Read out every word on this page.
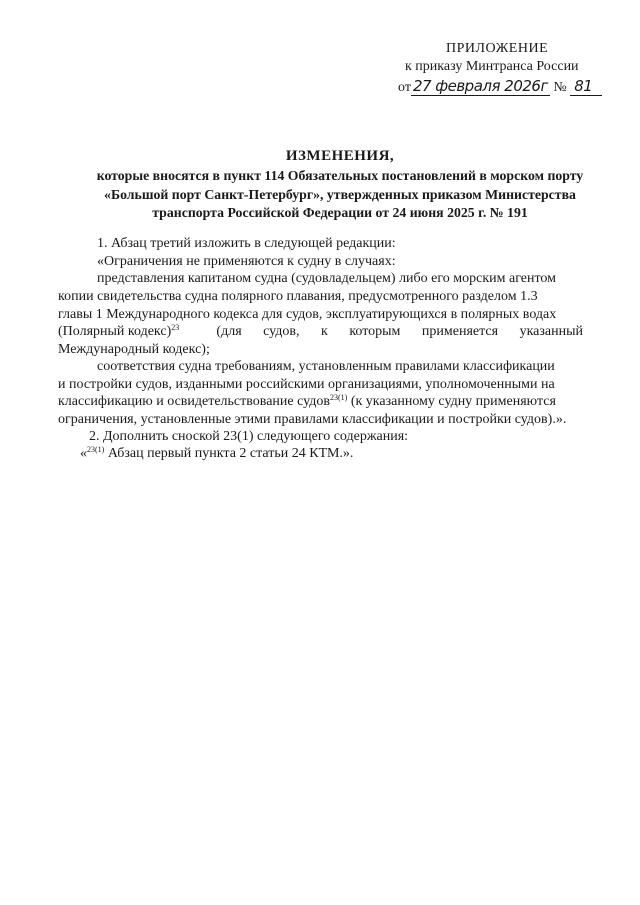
ПРИЛОЖЕНИЕ
к приказу Минтранса России
от 27 февраля 2026г № 81
ИЗМЕНЕНИЯ,
которые вносятся в пункт 114 Обязательных постановлений в морском порту
«Большой порт Санкт-Петербург», утвержденных приказом Министерства
транспорта Российской Федерации от 24 июня 2025 г. № 191
1. Абзац третий изложить в следующей редакции:
«Ограничения не применяются к судну в случаях:
представления капитаном судна (судовладельцем) либо его морским агентом
копии свидетельства судна полярного плавания, предусмотренного разделом 1.3
главы 1 Международного кодекса для судов, эксплуатирующихся в полярных водах
(Полярный кодекс)$^{23}$	(для судов, к которым применяется указанный
Международный кодекс);
соответствия судна требованиям, установленным правилами классификации
и постройки судов, изданными российскими организациями, уполномоченными на
классификацию и освидетельствование судов$^{23(1)}$ (к указанному судну применяются
ограничения, установленные этими правилами классификации и постройки судов).».
2. Дополнить сноской 23(1) следующего содержания:
«$^{23(1)}$ Абзац первый пункта 2 статьи 24 КТМ.».
